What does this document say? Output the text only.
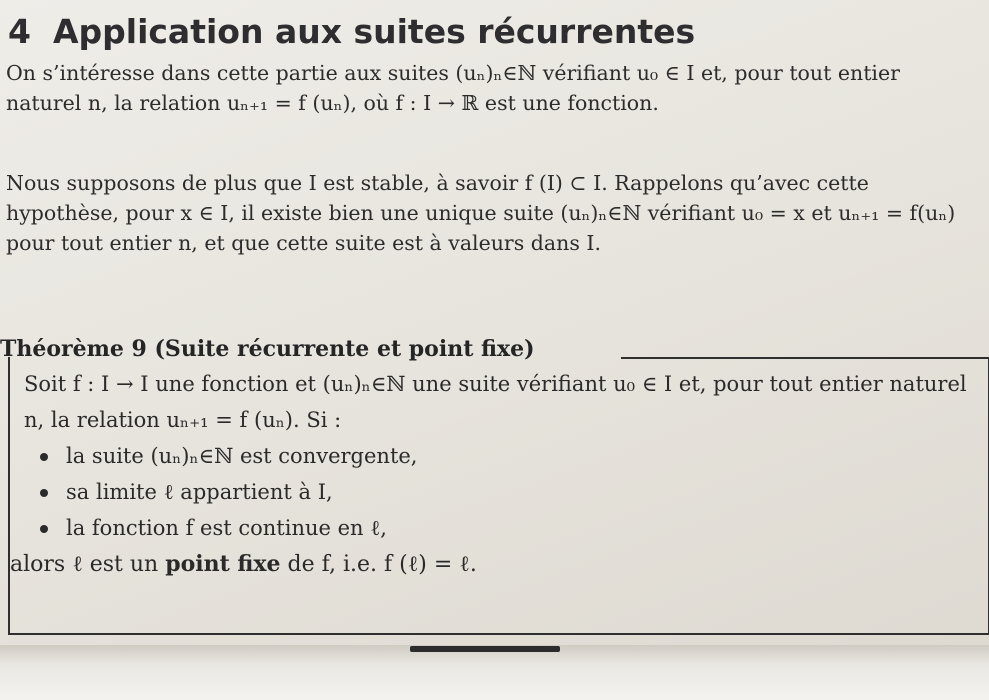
4 Application aux suites récurrentes

On s’intéresse dans cette partie aux suites (uₙ)ₙ∈ℕ vérifiant u₀ ∈ I et, pour tout entier naturel n, la relation uₙ₊₁ = f (uₙ), où f : I → ℝ est une fonction.

Nous supposons de plus que I est stable, à savoir f (I) ⊂ I. Rappelons qu’avec cette hypothèse, pour x ∈ I, il existe bien une unique suite (uₙ)ₙ∈ℕ vérifiant u₀ = x et uₙ₊₁ = f(uₙ) pour tout entier n, et que cette suite est à valeurs dans I.

Théorème 9 (Suite récurrente et point fixe)

Soit f : I → I une fonction et (uₙ)ₙ∈ℕ une suite vérifiant u₀ ∈ I et, pour tout entier naturel n, la relation uₙ₊₁ = f (uₙ). Si :

la suite (uₙ)ₙ∈ℕ est convergente,
sa limite ℓ appartient à I,
la fonction f est continue en ℓ,

alors ℓ est un point fixe de f, i.e. f (ℓ) = ℓ.
